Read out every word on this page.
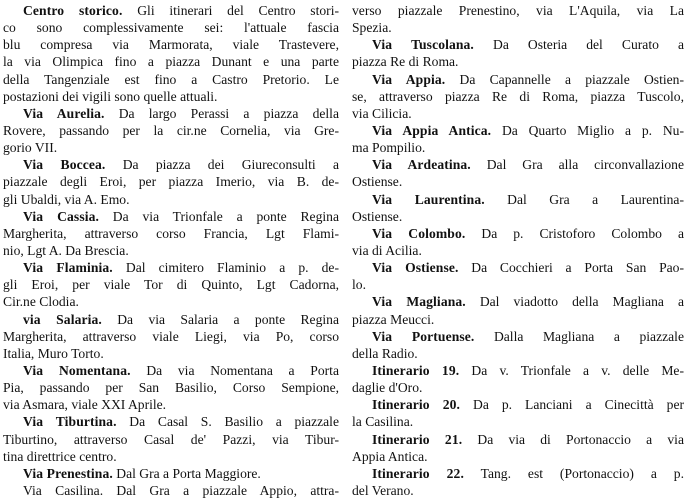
Centro storico. Gli itinerari del Centro stori-
co sono complessivamente sei: l'attuale fascia
blu compresa via Marmorata, viale Trastevere,
la via Olimpica fino a piazza Dunant e una parte
della Tangenziale est fino a Castro Pretorio. Le
postazioni dei vigili sono quelle attuali.
Via Aurelia. Da largo Perassi a piazza della
Rovere, passando per la cir.ne Cornelia, via Gre-
gorio VII.
Via Boccea. Da piazza dei Giureconsulti a
piazzale degli Eroi, per piazza Imerio, via B. de-
gli Ubaldi, via A. Emo.
Via Cassia. Da via Trionfale a ponte Regina
Margherita, attraverso corso Francia, Lgt Flami-
nio, Lgt A. Da Brescia.
Via Flaminia. Dal cimitero Flaminio a p. de-
gli Eroi, per viale Tor di Quinto, Lgt Cadorna,
Cir.ne Clodia.
via Salaria. Da via Salaria a ponte Regina
Margherita, attraverso viale Liegi, via Po, corso
Italia, Muro Torto.
Via Nomentana. Da via Nomentana a Porta
Pia, passando per San Basilio, Corso Sempione,
via Asmara, viale XXI Aprile.
Via Tiburtina. Da Casal S. Basilio a piazzale
Tiburtino, attraverso Casal de' Pazzi, via Tibur-
tina direttrice centro.
Via Prenestina. Dal Gra a Porta Maggiore.
Via Casilina. Dal Gra a piazzale Appio, attra-
verso piazzale Prenestino, via L'Aquila, via La
Spezia.
Via Tuscolana. Da Osteria del Curato a
piazza Re di Roma.
Via Appia. Da Capannelle a piazzale Ostien-
se, attraverso piazza Re di Roma, piazza Tuscolo,
via Cilicia.
Via Appia Antica. Da Quarto Miglio a p. Nu-
ma Pompilio.
Via Ardeatina. Dal Gra alla circonvallazione
Ostiense.
Via Laurentina. Dal Gra a Laurentina-
Ostiense.
Via Colombo. Da p. Cristoforo Colombo a
via di Acilia.
Via Ostiense. Da Cocchieri a Porta San Pao-
lo.
Via Magliana. Dal viadotto della Magliana a
piazza Meucci.
Via Portuense. Dalla Magliana a piazzale
della Radio.
Itinerario 19. Da v. Trionfale a v. delle Me-
daglie d'Oro.
Itinerario 20. Da p. Lanciani a Cinecittà per
la Casilina.
Itinerario 21. Da via di Portonaccio a via
Appia Antica.
Itinerario 22. Tang. est (Portonaccio) a p.
del Verano.
